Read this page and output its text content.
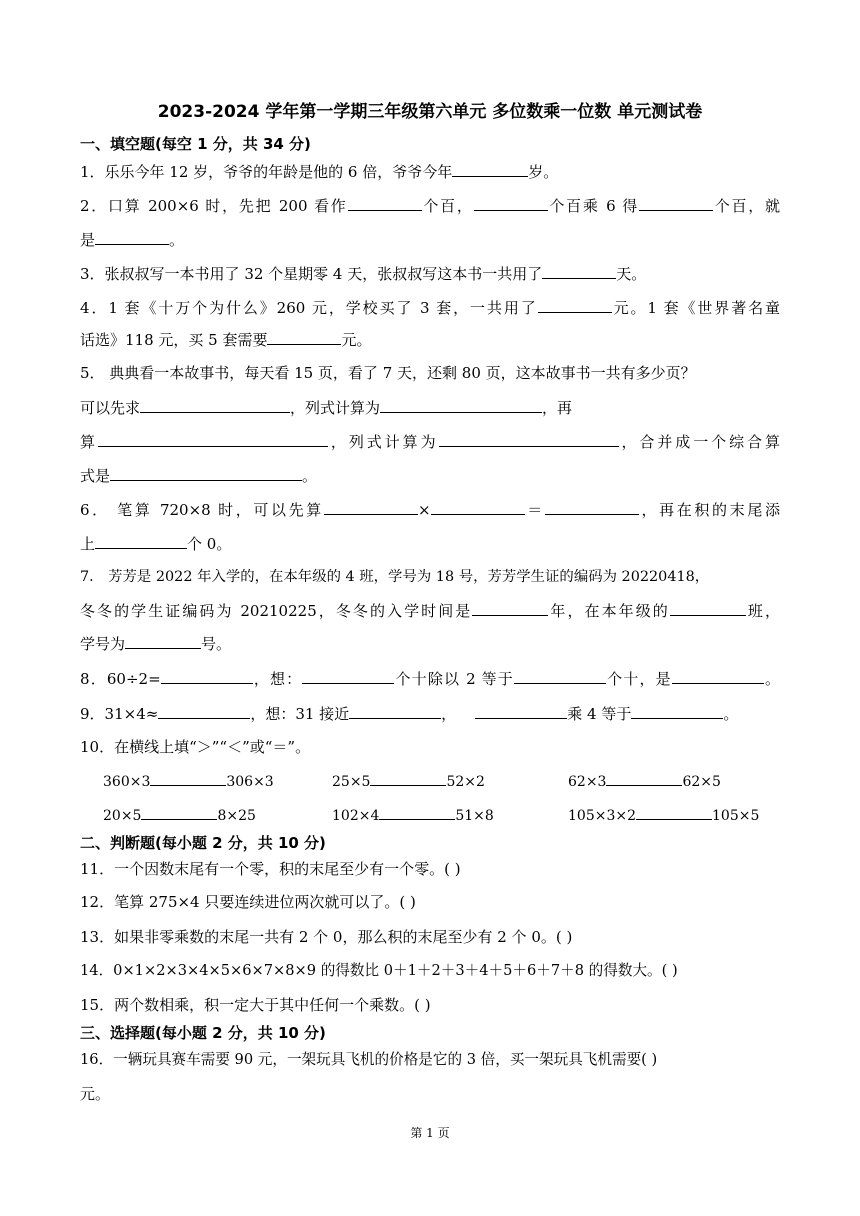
2023-2024 学年第一学期三年级第六单元 多位数乘一位数 单元测试卷
一、填空题(每空 1 分，共 34 分)
1．乐乐今年 12 岁，爷爷的年龄是他的 6 倍，爷爷今年	岁。
2．口算 200×6 时，先把 200 看作	个百，	个百乘 6 得	个百，就
是	。
3．张叔叔写一本书用了 32 个星期零 4 天，张叔叔写这本书一共用了	天。
4．1 套《十万个为什么》260 元，学校买了 3 套，一共用了	元。1 套《世界著名童
话选》118 元，买 5 套需要	元。
5． 典典看一本故事书，每天看 15 页，看了 7 天，还剩 80 页，这本故事书一共有多少页？
可以先求	，列式计算为	，再
算	，列式计算为	，合并成一个综合算
式是	。
6． 笔算 720×8 时，可以先算	×	＝	，再在积的末尾添
上	个 0。
7． 芳芳是 2022 年入学的，在本年级的 4 班，学号为 18 号，芳芳学生证的编码为 20220418，
冬冬的学生证编码为 20210225，冬冬的入学时间是	年，在本年级的	班，
学号为	号。
8．60÷2=	，想：	个十除以 2 等于	个十，是	。
9．31×4≈	，想：31 接近	，	乘 4 等于	。
10．在横线上填“＞”“＜”或“＝”。
360×3	306×3	25×5	52×2	62×3	62×5
20×5	8×25	102×4	51×8	105×3×2	105×5
二、判断题(每小题 2 分，共 10 分)
11．一个因数末尾有一个零，积的末尾至少有一个零。( )
12．笔算 275×4 只要连续进位两次就可以了。( )
13．如果非零乘数的末尾一共有 2 个 0，那么积的末尾至少有 2 个 0。( )
14．0×1×2×3×4×5×6×7×8×9 的得数比 0＋1＋2＋3＋4＋5＋6＋7＋8 的得数大。( )
15．两个数相乘，积一定大于其中任何一个乘数。( )
三、选择题(每小题 2 分，共 10 分)
16．一辆玩具赛车需要 90 元，一架玩具飞机的价格是它的 3 倍，买一架玩具飞机需要( )
元。
第 1 页
